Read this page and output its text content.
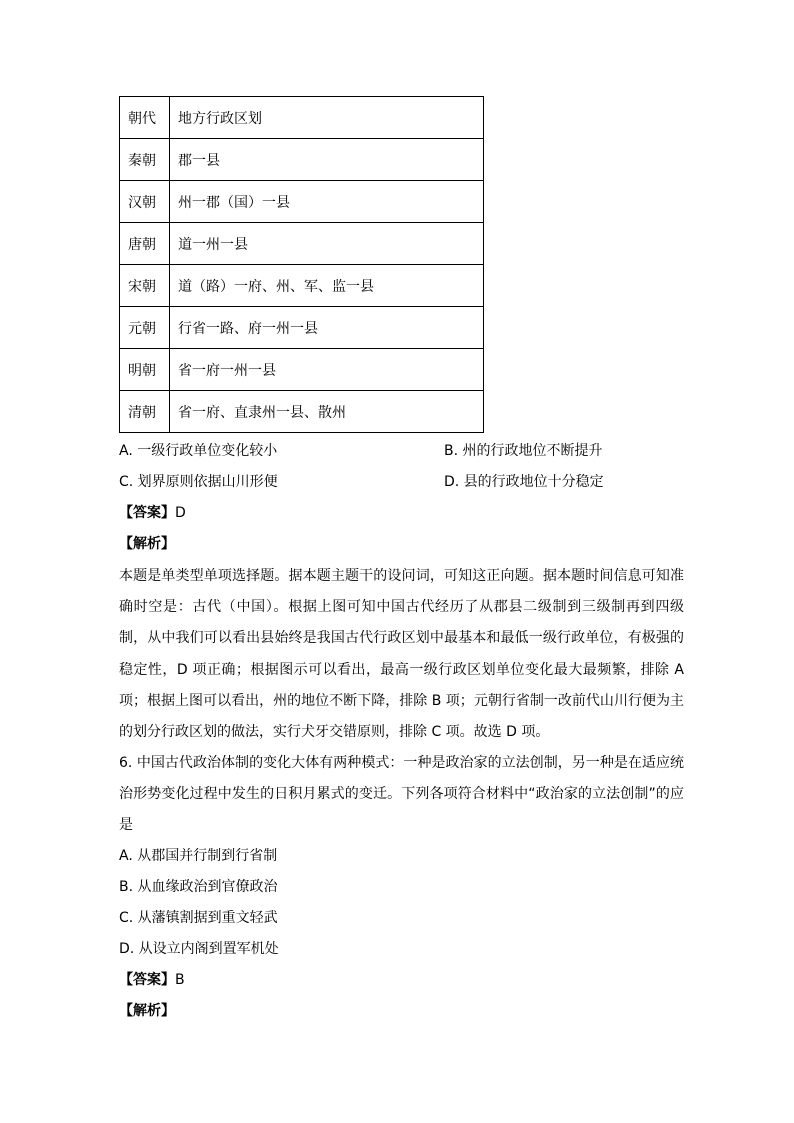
朝代	地方行政区划
秦朝	郡一县
汉朝	州一郡（国）一县
唐朝	道一州一县
宋朝	道（路）一府、州、军、监一县
元朝	行省一路、府一州一县
明朝	省一府一州一县
清朝	省一府、直隶州一县、散州
A. 一级行政单位变化较小	B. 州的行政地位不断提升
C. 划界原则依据山川形便	D. 县的行政地位十分稳定
【答案】D
【解析】
本题是单类型单项选择题。据本题主题干的设问词，可知这正向题。据本题时间信息可知准确时空是：古代（中国）。根据上图可知中国古代经历了从郡县二级制到三级制再到四级制，从中我们可以看出县始终是我国古代行政区划中最基本和最低一级行政单位，有极强的稳定性，D 项正确；根据图示可以看出，最高一级行政区划单位变化最大最频繁，排除 A 项；根据上图可以看出，州的地位不断下降，排除 B 项；元朝行省制一改前代山川行便为主的划分行政区划的做法，实行犬牙交错原则，排除 C 项。故选 D 项。
6. 中国古代政治体制的变化大体有两种模式：一种是政治家的立法创制，另一种是在适应统治形势变化过程中发生的日积月累式的变迁。下列各项符合材料中“政治家的立法创制”的应是
A. 从郡国并行制到行省制
B. 从血缘政治到官僚政治
C. 从藩镇割据到重文轻武
D. 从设立内阁到置军机处
【答案】B
【解析】
